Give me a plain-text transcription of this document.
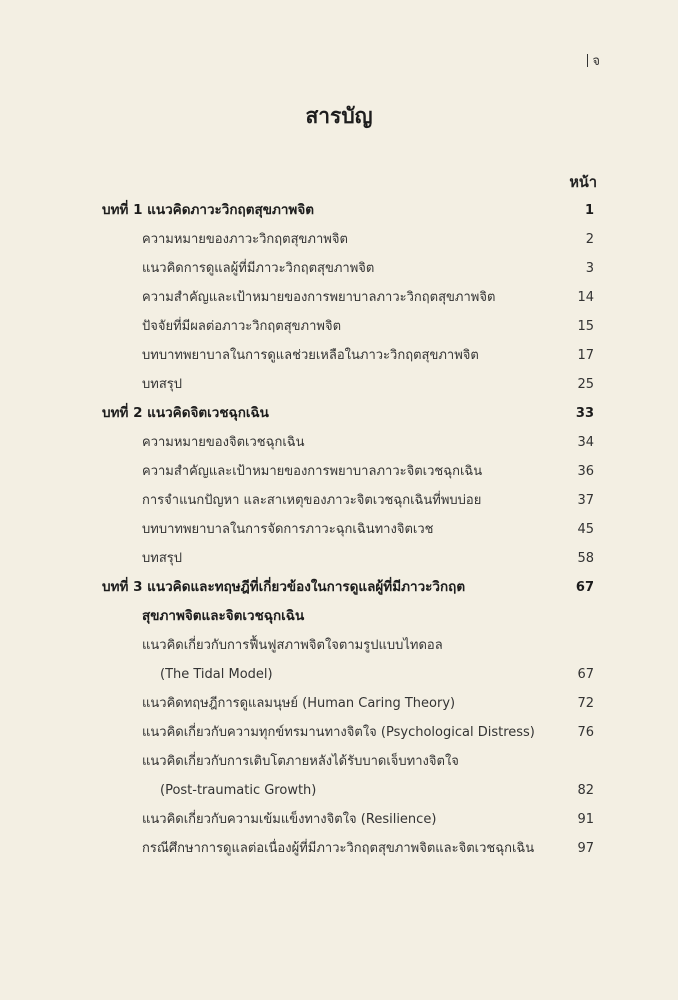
จ
สารบัญ
หน้า
บทที่ 1 แนวคิดภาวะวิกฤตสุขภาพจิต	1
ความหมายของภาวะวิกฤตสุขภาพจิต	2
แนวคิดการดูแลผู้ที่มีภาวะวิกฤตสุขภาพจิต	3
ความสำคัญและเป้าหมายของการพยาบาลภาวะวิกฤตสุขภาพจิต	14
ปัจจัยที่มีผลต่อภาวะวิกฤตสุขภาพจิต	15
บทบาทพยาบาลในการดูแลช่วยเหลือในภาวะวิกฤตสุขภาพจิต	17
บทสรุป	25
บทที่ 2 แนวคิดจิตเวชฉุกเฉิน	33
ความหมายของจิตเวชฉุกเฉิน	34
ความสำคัญและเป้าหมายของการพยาบาลภาวะจิตเวชฉุกเฉิน	36
การจำแนกปัญหา และสาเหตุของภาวะจิตเวชฉุกเฉินที่พบบ่อย	37
บทบาทพยาบาลในการจัดการภาวะฉุกเฉินทางจิตเวช	45
บทสรุป	58
บทที่ 3 แนวคิดและทฤษฎีที่เกี่ยวข้องในการดูแลผู้ที่มีภาวะวิกฤต	67
สุขภาพจิตและจิตเวชฉุกเฉิน
แนวคิดเกี่ยวกับการฟื้นฟูสภาพจิตใจตามรูปแบบไทดอล
(The Tidal Model)	67
แนวคิดทฤษฎีการดูแลมนุษย์ (Human Caring Theory)	72
แนวคิดเกี่ยวกับความทุกข์ทรมานทางจิตใจ (Psychological Distress)	76
แนวคิดเกี่ยวกับการเติบโตภายหลังได้รับบาดเจ็บทางจิตใจ
(Post-traumatic Growth)	82
แนวคิดเกี่ยวกับความเข้มแข็งทางจิตใจ (Resilience)	91
กรณีศึกษาการดูแลต่อเนื่องผู้ที่มีภาวะวิกฤตสุขภาพจิตและจิตเวชฉุกเฉิน	97
